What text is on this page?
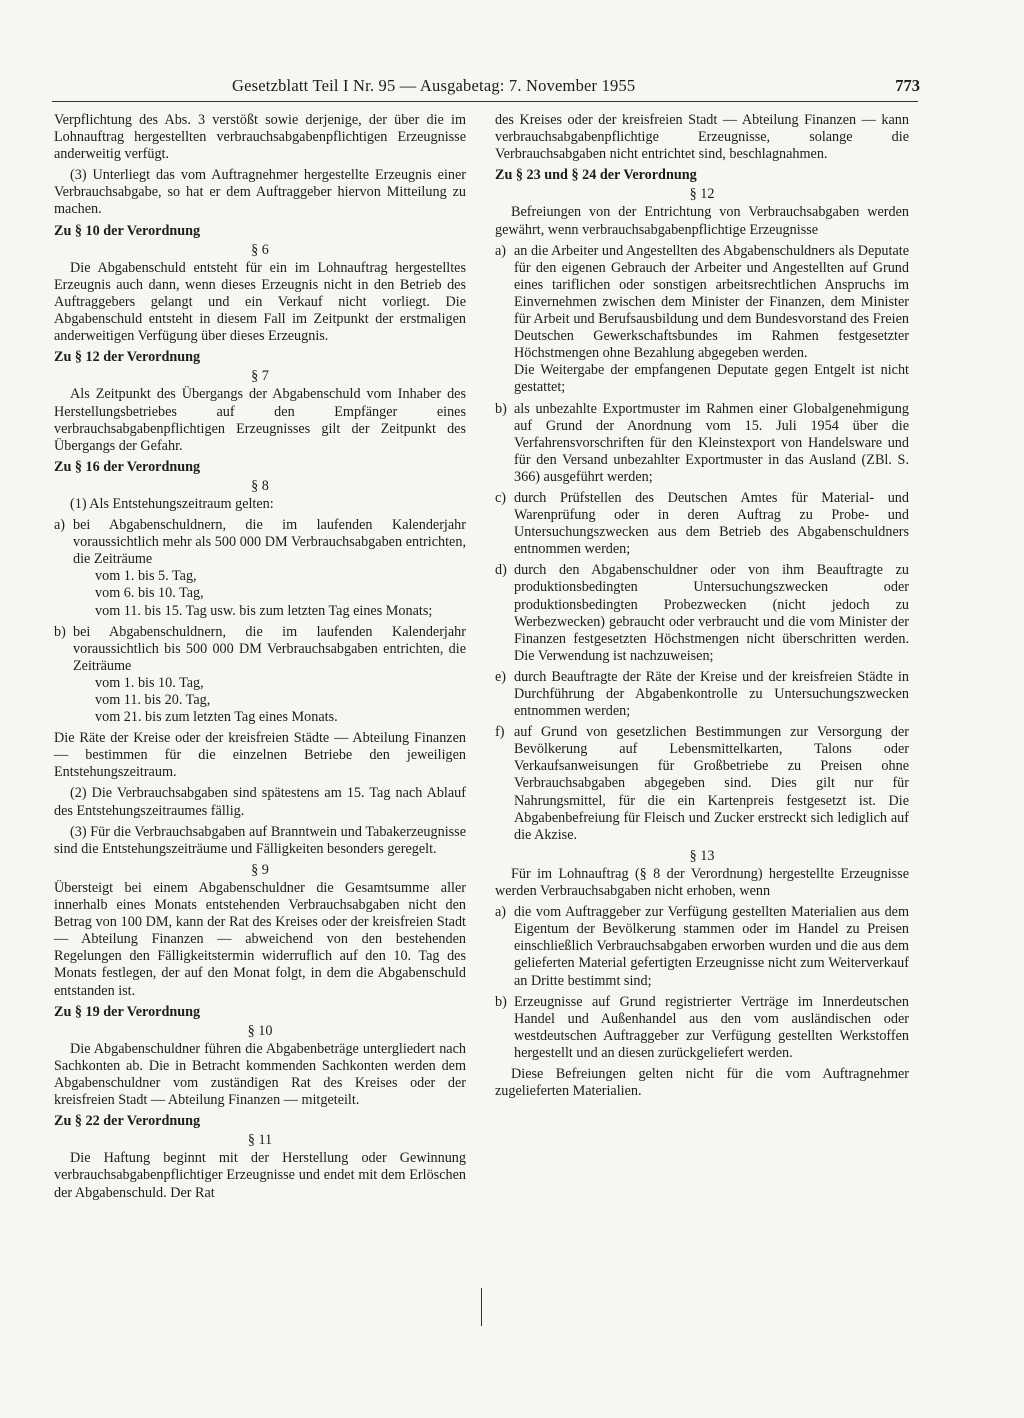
Gesetzblatt Teil I Nr. 95 — Ausgabetag: 7. November 1955	773

Verpflichtung des Abs. 3 verstößt sowie derjenige, der über die im Lohnauftrag hergestellten verbrauchsabgabenpflichtigen Erzeugnisse anderweitig verfügt.

(3) Unterliegt das vom Auftragnehmer hergestellte Erzeugnis einer Verbrauchsabgabe, so hat er dem Auftraggeber hiervon Mitteilung zu machen.

Zu § 10 der Verordnung
§ 6

Die Abgabenschuld entsteht für ein im Lohnauftrag hergestelltes Erzeugnis auch dann, wenn dieses Erzeugnis nicht in den Betrieb des Auftraggebers gelangt und ein Verkauf nicht vorliegt. Die Abgabenschuld entsteht in diesem Fall im Zeitpunkt der erstmaligen anderweitigen Verfügung über dieses Erzeugnis.

Zu § 12 der Verordnung
§ 7

Als Zeitpunkt des Übergangs der Abgabenschuld vom Inhaber des Herstellungsbetriebes auf den Empfänger eines verbrauchsabgabenpflichtigen Erzeugnisses gilt der Zeitpunkt des Übergangs der Gefahr.

Zu § 16 der Verordnung
§ 8

(1) Als Entstehungszeitraum gelten:

a) bei Abgabenschuldnern, die im laufenden Kalenderjahr voraussichtlich mehr als 500 000 DM Verbrauchsabgaben entrichten, die Zeiträume
vom 1. bis 5. Tag,
vom 6. bis 10. Tag,
vom 11. bis 15. Tag usw. bis zum letzten Tag eines Monats;
b) bei Abgabenschuldnern, die im laufenden Kalenderjahr voraussichtlich bis 500 000 DM Verbrauchsabgaben entrichten, die Zeiträume
vom 1. bis 10. Tag,
vom 11. bis 20. Tag,
vom 21. bis zum letzten Tag eines Monats.

Die Räte der Kreise oder der kreisfreien Städte — Abteilung Finanzen — bestimmen für die einzelnen Betriebe den jeweiligen Entstehungszeitraum.

(2) Die Verbrauchsabgaben sind spätestens am 15. Tag nach Ablauf des Entstehungszeitraumes fällig.

(3) Für die Verbrauchsabgaben auf Branntwein und Tabakerzeugnisse sind die Entstehungszeiträume und Fälligkeiten besonders geregelt.

§ 9

Übersteigt bei einem Abgabenschuldner die Gesamtsumme aller innerhalb eines Monats entstehenden Verbrauchsabgaben nicht den Betrag von 100 DM, kann der Rat des Kreises oder der kreisfreien Stadt — Abteilung Finanzen — abweichend von den bestehenden Regelungen den Fälligkeitstermin widerruflich auf den 10. Tag des Monats festlegen, der auf den Monat folgt, in dem die Abgabenschuld entstanden ist.

Zu § 19 der Verordnung
§ 10

Die Abgabenschuldner führen die Abgabenbeträge untergliedert nach Sachkonten ab. Die in Betracht kommenden Sachkonten werden dem Abgabenschuldner vom zuständigen Rat des Kreises oder der kreisfreien Stadt — Abteilung Finanzen — mitgeteilt.

Zu § 22 der Verordnung
§ 11

Die Haftung beginnt mit der Herstellung oder Gewinnung verbrauchsabgabenpflichtiger Erzeugnisse und endet mit dem Erlöschen der Abgabenschuld. Der Rat

des Kreises oder der kreisfreien Stadt — Abteilung Finanzen — kann verbrauchsabgabenpflichtige Erzeugnisse, solange die Verbrauchsabgaben nicht entrichtet sind, beschlagnahmen.

Zu § 23 und § 24 der Verordnung
§ 12

Befreiungen von der Entrichtung von Verbrauchsabgaben werden gewährt, wenn verbrauchsabgabenpflichtige Erzeugnisse

a) an die Arbeiter und Angestellten des Abgabenschuldners als Deputate für den eigenen Gebrauch der Arbeiter und Angestellten auf Grund eines tariflichen oder sonstigen arbeitsrechtlichen Anspruchs im Einvernehmen zwischen dem Minister der Finanzen, dem Minister für Arbeit und Berufsausbildung und dem Bundesvorstand des Freien Deutschen Gewerkschaftsbundes im Rahmen festgesetzter Höchstmengen ohne Bezahlung abgegeben werden.
Die Weitergabe der empfangenen Deputate gegen Entgelt ist nicht gestattet;
b) als unbezahlte Exportmuster im Rahmen einer Globalgenehmigung auf Grund der Anordnung vom 15. Juli 1954 über die Verfahrensvorschriften für den Kleinstexport von Handelsware und für den Versand unbezahlter Exportmuster in das Ausland (ZBl. S. 366) ausgeführt werden;
c) durch Prüfstellen des Deutschen Amtes für Material- und Warenprüfung oder in deren Auftrag zu Probe- und Untersuchungszwecken aus dem Betrieb des Abgabenschuldners entnommen werden;
d) durch den Abgabenschuldner oder von ihm Beauftragte zu produktionsbedingten Untersuchungszwecken oder produktionsbedingten Probezwecken (nicht jedoch zu Werbezwecken) gebraucht oder verbraucht und die vom Minister der Finanzen festgesetzten Höchstmengen nicht überschritten werden. Die Verwendung ist nachzuweisen;
e) durch Beauftragte der Räte der Kreise und der kreisfreien Städte in Durchführung der Abgabenkontrolle zu Untersuchungszwecken entnommen werden;
f) auf Grund von gesetzlichen Bestimmungen zur Versorgung der Bevölkerung auf Lebensmittelkarten, Talons oder Verkaufsanweisungen für Großbetriebe zu Preisen ohne Verbrauchsabgaben abgegeben sind. Dies gilt nur für Nahrungsmittel, für die ein Kartenpreis festgesetzt ist. Die Abgabenbefreiung für Fleisch und Zucker erstreckt sich lediglich auf die Akzise.
§ 13

Für im Lohnauftrag (§ 8 der Verordnung) hergestellte Erzeugnisse werden Verbrauchsabgaben nicht erhoben, wenn

a) die vom Auftraggeber zur Verfügung gestellten Materialien aus dem Eigentum der Bevölkerung stammen oder im Handel zu Preisen einschließlich Verbrauchsabgaben erworben wurden und die aus dem gelieferten Material gefertigten Erzeugnisse nicht zum Weiterverkauf an Dritte bestimmt sind;
b) Erzeugnisse auf Grund registrierter Verträge im Innerdeutschen Handel und Außenhandel aus den vom ausländischen oder westdeutschen Auftraggeber zur Verfügung gestellten Werkstoffen hergestellt und an diesen zurückgeliefert werden.

Diese Befreiungen gelten nicht für die vom Auftragnehmer zugelieferten Materialien.
